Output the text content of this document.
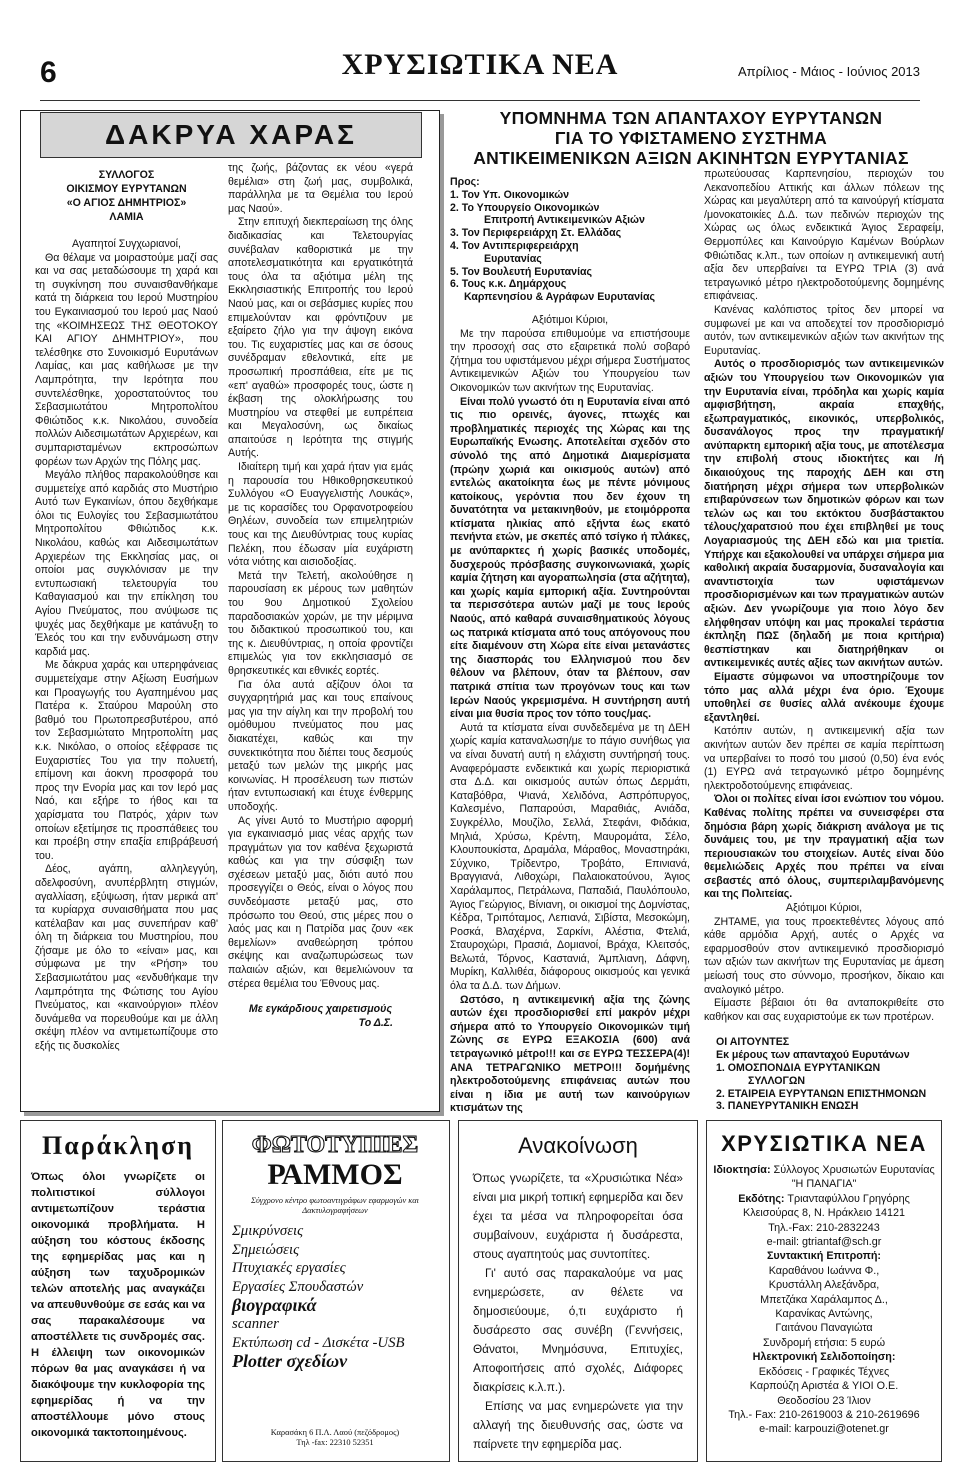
6	ΧΡΥΣΙΩΤΙΚΑ ΝΕΑ	Απρίλιος - Μάιος - Ιούνιος 2013
ΔΑΚΡΥΑ ΧΑΡΑΣ

ΣΥΛΛΟΓΟΣ

ΟΙΚΙΣΜΟΥ ΕΥΡΥΤΑΝΩΝ

«Ο ΑΓΙΟΣ ΔΗΜΗΤΡΙΟΣ»

ΛΑΜΙΑ

Αγαπητοί Συγχωριανοί,

Θα θέλαμε να μοιραστούμε μαζί σας και να σας μεταδώσουμε τη χαρά και τη συγκίνηση που συναισθανθήκαμε κατά τη διάρκεια του Ιερού Μυστηρίου του Εγκαινιασμού του Ιερού μας Ναού της «ΚΟΙΜΗΣΕΩΣ ΤΗΣ ΘΕΟΤΟΚΟΥ ΚΑΙ ΑΓΙΟΥ ΔΗΜΗΤΡΙΟΥ», που τελέσθηκε στο Συνοικισμό Ευρυτάνων Λαμίας, και μας καθήλωσε με την Λαμπρότητα, την Ιερότητα που συντελέσθηκε, χοροστατούντος του Σεβασμιωτάτου Μητροπολίτου Φθιώτιδος κ.κ. Νικολάου, συνοδεία πολλών Αιδεσιμωτάτων Αρχιερέων, και συμπαρισταμένων εκπροσώπων φορέων των Αρχών της Πόλης μας.

Μεγάλο πλήθος παρακολούθησε και συμμετείχε από καρδιάς στο Μυστήριο Αυτό των Εγκαινίων, όπου δεχθήκαμε όλοι τις Ευλογίες του Σεβασμιωτάτου Μητροπολίτου Φθιώτιδος κ.κ. Νικολάου, καθώς και Αιδεσιμωτάτων Αρχιερέων της Εκκλησίας μας, οι οποίοι μας συγκλόνισαν με την εντυπωσιακή τελετουργία του Καθαγιασμού και την επίκληση του Αγίου Πνεύματος, που ανύψωσε τις ψυχές μας δεχθήκαμε με κατάνυξη το Έλεός του και την ενδυνάμωση στην καρδιά μας.

Με δάκρυα χαράς και υπερηφάνειας συμμετείχαμε στην Αξίωση Ευσήμων και Προαγωγής του Αγαπημένου μας Πατέρα κ. Σταύρου Μαρούλη στο βαθμό του Πρωτοπρεσβυτέρου, από τον Σεβασμιώτατο Μητροπολίτη μας κ.κ. Νικόλαο, ο οποίος εξέφρασε τις Ευχαριστίες Του για την πολυετή, επίμονη και άοκνη προσφορά του προς την Ενορία μας και τον Ιερό μας Ναό, και εξήρε το ήθος και τα χαρίσματα του Πατρός, χάριν των οποίων εξετίμησε τις προσπάθειες του και προέβη στην επαξία επιβράβευσή του.

Δέος, αγάπη, αλληλεγγύη, αδελφοσύνη, ανυπέρβλητη στιγμών, αγαλλίαση, εξύψωση, ήταν μερικά απ' τα κυρίαρχα συναισθήματα που μας κατέλαβαν και μας συνεπήραν καθ' όλη τη διάρκεια του Μυστηρίου, που ζήσαμε με όλο το «είναι» μας, και σύμφωνα με την «Ρήση» του Σεβασμιωτάτου μας «ενδυθήκαμε την Λαμπρότητα της Φώτισης του Αγίου Πνεύματος, και «καινούργιοι» πλέον δυνάμεθα να πορευθούμε και με άλλη σκέψη πλέον να αντιμετωπίζουμε στο εξής τις δυσκολίες

της ζωής, βάζοντας εκ νέου «γερά θεμέλια» στη ζωή μας, συμβολικά, παράλληλα με τα Θεμέλια του Ιερού μας Ναού».

Στην επιτυχή διεκπεραίωση της όλης διαδικασίας και Τελετουργίας συνέβαλαν καθοριστικά με την αποτελεσματικότητα και εργατικότητά τους όλα τα αξιότιμα μέλη της Εκκλησιαστικής Επιτροπής του Ιερού Ναού μας, και οι σεβάσμιες κυρίες που επιμελούνταν και φρόντιζουν με εξαίρετο ζήλο για την άψογη εικόνα του. Τις ευχαριστίες μας και σε όσους συνέδραμαν εθελοντικά, είτε με προσωπική προσπάθεια, είτε με τις «επ' αγαθώ» προσφορές τους, ώστε η έκβαση της ολοκλήρωσης του Μυστηρίου να στεφθεί με ευπρέπεια και Μεγαλοσύνη, ως δικαίως απαιτούσε η Ιερότητα της στιγμής Αυτής.

Ιδιαίτερη τιμή και χαρά ήταν για εμάς η παρουσία του Ηθικοθρησκευτικού Συλλόγου «Ο Ευαγγελιστής Λουκάς», με τις κορασίδες του Ορφανοτροφείου Θηλέων, συνοδεία των επιμελητριών τους και της Διευθύντριας τους κυρίας Πελέκη, που έδωσαν μία ευχάριστη νότα νιότης και αισιοδοξίας.

Μετά την Τελετή, ακολούθησε η παρουσίαση εκ μέρους των μαθητών του 9ου Δημοτικού Σχολείου παραδοσιακών χορών, με την μέριμνα του διδακτικού προσωπικού του, και της κ. Διευθύντριας, η οποία φροντίζει επιμελώς για τον εκκλησιασμό σε θρησκευτικές και εθνικές εορτές.

Για όλα αυτά αξίζουν όλοι τα συγχαρητήριά μας και τους επαίνους μας για την αίγλη και την προβολή του ομόθυμου πνεύματος που μας διακατέχει, καθώς και την συνεκτικότητα που διέπει τους δεσμούς μεταξύ των μελών της μικρής μας κοινωνίας. Η προσέλευση των πιστών ήταν εντυπωσιακή και έτυχε ένθερμης υποδοχής.

Ας γίνει Αυτό το Μυστήριο αφορμή για εγκαινιασμό μιας νέας αρχής των πραγμάτων για τον καθένα ξεχωριστά καθώς και για την σύσφιξη των σχέσεων μεταξύ μας, διότι αυτό που προσεγγίζει ο Θεός, είναι ο λόγος που συνδεόμαστε μεταξύ μας, στο πρόσωπο του Θεού, στις μέρες που ο λαός μας και η Πατρίδα μας ζουν «εκ θεμελίων» αναθεώρηση τρόπου σκέψης και αναζωπυρώσεως των παλαιών αξιών, και θεμελιώνουν τα στέρεα θεμέλια του Έθνους μας.

Με εγκάρδιους χαιρετισμούς

Το Δ.Σ.

ΥΠΟΜΝΗΜΑ ΤΩΝ ΑΠΑΝΤΑΧΟΥ ΕΥΡΥΤΑΝΩΝ
ΓΙΑ ΤΟ ΥΦΙΣΤΑΜΕΝΟ ΣΥΣΤΗΜΑ
ΑΝΤΙΚΕΙΜΕΝΙΚΩΝ ΑΞΙΩΝ ΑΚΙΝΗΤΩΝ ΕΥΡΥΤΑΝΙΑΣ
Προς:
1. Τον Υπ. Οικονομικών
2. Το Υπουργείο Οικονομικών
Επιτροπή Αντικειμενικών Αξιών
3. Τον Περιφερειάρχη Στ. Ελλάδας
4. Τον Αντιπεριφερειάρχη
Ευρυτανίας
5. Τον Βουλευτή Ευρυτανίας
6. Τους κ.κ. Δημάρχους
Καρπενησίου & Αγράφων Ευρυτανίας

Αξιότιμοι Κύριοι,

Με την παρούσα επιθυμούμε να επιστήσουμε την προσοχή σας στο εξαιρετικά πολύ σοβαρό ζήτημα του υφιστάμενου μέχρι σήμερα Συστήματος Αντικειμενικών Αξιών του Υπουργείου των Οικονομικών των ακινήτων της Ευρυτανίας.

Είναι πολύ γνωστό ότι η Ευρυτανία είναι από τις πιο ορεινές, άγονες, πτωχές και προβληματικές περιοχές της Χώρας και της Ευρωπαϊκής Ενωσης. Αποτελείται σχεδόν στο σύνολό της από Δημοτικά Διαμερίσματα (πρώην χωριά και οικισμούς αυτών) από εντελώς ακατοίκητα έως με πέντε μόνιμους κατοίκους, γερόντια που δεν έχουν τη δυνατότητα να μετακινηθούν, με ετοιμόρροπα κτίσματα ηλικίας από εξήντα έως εκατό πενήντα ετών, με σκεπές από τσίγκο ή πλάκες, με ανύπαρκτες ή χωρίς βασικές υποδομές, δυσχερούς πρόσβασης συγκοινωνιακά, χωρίς καμία ζήτηση και αγοραπωλησία (στα αζήτητα), και χωρίς καμία εμπορική αξία. Συντηρούνται τα περισσότερα αυτών μαζί με τους Ιερούς Ναούς, από καθαρά συναισθηματικούς λόγους ως πατρικά κτίσματα από τους απόγονους που είτε διαμένουν στη Χώρα είτε είναι μετανάστες της διασποράς του Ελληνισμού που δεν θέλουν να βλέπουν, όταν τα βλέπουν, σαν πατρικά σπίτια των προγόνων τους και των Ιερών Ναούς γκρεμισμένα. Η συντήρηση αυτή είναι μια θυσία προς τον τόπο τους/μας.

Αυτά τα κτίσματα είναι συνδεδεμένα με τη ΔΕΗ χωρίς καμία καταναλωση/με το πάγιο συνήθως για να είναι δυνατή αυτή η ελάχιστη συντήρησή τους. Αναφερόμαστε ενδεικτικά και χωρίς περιοριστικά στα Δ.Δ. και οικισμούς αυτών όπως Δερμάτι, Καταβόθρα, Ψιανά, Χελιδόνα, Ασπρόπυργος, Καλεσμένο, Παπαρούσι, Μαραθιάς, Ανιάδα, Συγκρέλλο, Μουζίλο, Σελλά, Στεφάνι, Φιδάκια, Μηλιά, Χρύσω, Κρέντη, Μαυρομάτα, Σέλο, Κλουπουκίστα, Δραμάλα, Μάραθος, Μοναστηράκι, Σύχνικο, Τρίδεντρο, Τροβάτο, Επινιανά, Βραγγιανά, Λιθοχώρι, Παλαιοκατούνου, Άγιος Χαράλαμπος, Πετράλωνα, Παπαδιά, Παυλόπουλο, Άγιος Γεώργιος, Βίνιανη, οι οικισμοί της Δομνίστας, Κέδρα, Τριπόταμος, Λεπιανά, Σιβίστα, Μεσοκώμη, Ροσκά, Βλαχέρνα, Σαρκίνι, Αλέστια, Φτελιά, Σταυροχώρι, Πρασιά, Δομιανοί, Βράχα, Κλειτσός, Βελωτά, Τόρνος, Καστανιά, Άμπλιανη, Δάφνη, Μυρίκη, Καλλιθέα, διάφορους οικισμούς και γενικά όλα τα Δ.Δ. των Δήμων.

Ωστόσο, η αντικειμενική αξία της ζώνης αυτών έχει προσδιορισθεί επί μακρόν μέχρι σήμερα από το Υπουργείο Οικονομικών τιμή Ζώνης σε ΕΥΡΩ ΕΞΑΚΟΣΙΑ (600) ανά τετραγωνικό μέτρο!!! και σε ΕΥΡΩ ΤΕΣΣΕΡΑ(4)! ΑΝΑ ΤΕΤΡΑΓΩΝΙΚΟ ΜΕΤΡΟ!!! δομήμένης ηλεκτροδοτούμενης επιφάνειας αυτών που είναι η ίδια με αυτή των καινούργιων κτισμάτων της

πρωτεύουσας Καρπενησίου, περιοχών του Λεκανοπεδίου Αττικής και άλλων πόλεων της Χώρας και μεγαλύτερη από τα καινούργή κτίσματα /μονοκατοικίες Δ.Δ. των πεδινών περιοχών της Χώρας ως όλως ενδεικτικά Άγιος Σεραφείμ, Θερμοπύλες και Καινούργιο Καμένων Βούρλων Φθιώτιδας κ.λπ., των οποίων η αντικειμενική αυτή αξία δεν υπερβαίνει τα ΕΥΡΩ ΤΡΙΑ (3) ανά τετραγωνικό μέτρο ηλεκτροδοτούμενης δομημένης επιφάνειας.

Κανένας καλόπιστος τρίτος δεν μπορεί να συμφωνεί με και να αποδεχτεί τον προσδιορισμό αυτόν, των αντικειμενικών αξιών των ακινήτων της Ευρυτανίας.

Αυτός ο προσδιορισμός των αντικειμενικών αξιών του Υπουργείου των Οικονομικών για την Ευρυτανία είναι, πρόδηλα και χωρίς καμία αμφισβήτηση, ακραία επαχθής, εξωπραγματικός, εικονικός, υπερβολικός, δυσανάλογος προς την πραγματική/ανύπαρκτη εμπορική αξία τους, με αποτέλεσμα την επιβολή στους ιδιοκτήτες και /ή δικαιούχους της παροχής ΔΕΗ και στη διατήρηση μέχρι σήμερα των υπερβολικών επιβαρύνσεων των δημοτικών φόρων και των τελών ως και του εκτόκτου δυσβάστακτου τέλους/χαρατσιού που έχει επιβληθεί με τους Λογαριασμούς της ΔΕΗ εδώ και μια τριετία. Υπήρχε και εξακολουθεί να υπάρχει σήμερα μια καθολική ακραία δυσαρμονία, δυσαναλογία και αναντιστοιχία των υφιστάμενων προσδιορισμένων και των πραγματικών αυτών αξιών. Δεν γνωρίζουμε για ποιο λόγο δεν ελήφθησαν υπόψη και μας προκαλεί τεράστια έκπληξη ΠΩΣ (δηλαδή με ποια κριτήρια) θεσπίστηκαν και διατηρήθηκαν οι αντικειμενικές αυτές αξίες των ακινήτων αυτών.

Είμαστε σύμφωνοι να υποστηρίζουμε τον τόπο μας αλλά μέχρι ένα όριο. Έχουμε υποθηλεί σε θυσίες αλλά ανέκουμε έχουμε εξαντληθεί.

Κατόπιν αυτών, η αντικειμενική αξία των ακινήτων αυτών δεν πρέπει σε καμία περίπτωση να υπερβαίνει το ποσό του μισού (0,50) ένα ενός (1) ΕΥΡΩ ανά τετραγωνικό μέτρο δομημένης ηλεκτροδοτούμενης επιφάνειας.

Όλοι οι πολίτες είναι ίσοι ενώπιον του νόμου. Καθένας πολίτης πρέπει να συνεισφέρει στα δημόσια βάρη χωρίς διάκριση ανάλογα με τις δυνάμεις του, με την πραγματική αξία των περιουσιακών του στοιχείων. Αυτές είναι δύο θεμελιώδεις Αρχές που πρέπει να είναι σεβαστές από όλους, συμπεριλαμβανόμενης και της Πολιτείας.

Αξιότιμοι Κύριοι,

ΖΗΤΑΜΕ, για τους προεκτεθέντες λόγους από κάθε αρμόδια Αρχή, αυτές ο Αρχές να εφαρμοσθούν στον αντικειμενικό προσδιορισμό των αξιών των ακινήτων της Ευρυτανίας με άμεση μείωσή τους στο σύννομο, προσήκον, δίκαιο και αναλογικό μέτρο.

Είμαστε βέβαιοι ότι θα ανταποκριθείτε στο καθήκον και σας ευχαριστούμε εκ των προτέρων.

ΟΙ ΑΙΤΟΥΝΤΕΣ
Εκ μέρους των απανταχού Ευρυτάνων
1. ΟΜΟΣΠΟΝΔΙΑ ΕΥΡΥΤΑΝΙΚΩΝ
ΣΥΛΛΟΓΩΝ
2. ΕΤΑΙΡΕΙΑ ΕΥΡΥΤΑΝΩΝ ΕΠΙΣΤΗΜΟΝΩΝ
3. ΠΑΝΕΥΡΥΤΑΝΙΚΗ ΕΝΩΣΗ
Παράκληση

Όπως όλοι γνωρίζετε οι πολιτιστικοί σύλλογοι αντιμετωπίζουν τεράστια οικονομικά προβλήματα. Η αύξηση του κόστους έκδοσης της εφημερίδας μας και η αύξηση των ταχυδρομικών τελών αποτελής μας αναγκάζει να απευθυνθούμε σε εσάς και να σας παρακαλέσουμε να αποστέλλετε τις συνδρομές σας. Η έλλειψη των οικονομικών πόρων θα μας αναγκάσει ή να διακόψουμε την κυκλοφορία της εφημερίδας ή να την αποστέλλουμε μόνο στους οικονομικά τακτοποιημένους.

ΦΩΤΟΤΥΠΙΕΣ
ΡΑΜΜΟΣ
Σύγχρονο κέντρο φωτοαντιγράφων εφαρμογών και Δακτυλογραφήσεων
Σμικρύνσεις
Σημειώσεις
Πτυχιακές εργασίες
Εργασίες Σπουδαστών
βιογραφικά
scanner
Εκτύπωση cd - Δισκέτα -USB
Plotter σχεδίων
Καρασάκη 6 Π.Λ. Λαού (πεζόδρομος)
Τηλ -fax: 22310 52351
Ανακοίνωση

Όπως γνωρίζετε, τα «Χρυσιώτικα Νέα» είναι μια μικρή τοπική εφημερίδα και δεν έχει τα μέσα να πληροφορείται όσα συμβαίνουν, ευχάριστα ή δυσάρεστα, στους αγαπητούς μας συντοπίτες.

Γι' αυτό σας παρακαλούμε να μας ενημερώσετε, αν θέλετε να δημοσιεύουμε, ό,τι ευχάριστο ή δυσάρεστο σας συνέβη (Γεννήσεις, Θάνατοι, Μνημόσυνα, Επιτυχίες, Αποφοιτήσεις από σχολές, Διάφορες διακρίσεις κ.λ.π.).

Επίσης να μας ενημερώνετε για την αλλαγή της διευθυνσής σας, ώστε να παίρνετε την εφημερίδα μας.

ΧΡΥΣΙΩΤΙΚΑ ΝΕΑ

Ιδιοκτησία: Σύλλογος Χρυσιωτών Ευρυτανίας "Η ΠΑΝΑΓΙΑ"

Εκδότης: Τριανταφύλλου Γρηγόρης

Κλεισούρας 8, Ν. Ηράκλειο 14121

Τηλ.-Fax: 210-2832243

e-mail: gtriantaf@sch.gr

Συντακτική Επιτροπή:

Καραθάνου Ιωάννα Φ.,

Κρυστάλλη Αλεξάνδρα,

Μπετζάκα Χαράλαμπος Δ.,

Καρανίκας Αντώνης,

Γαιτάνου Παναγιώτα

Συνδρομή ετήσια: 5 ευρώ

Ηλεκτρονική Σελιδοποίηση:

Εκδόσεις - Γραφικές Τέχνες

Καρπούζη Αριστέα & ΥΙΟΙ Ο.Ε.

Θεοδοσίου 23 Ίλιον

Τηλ.- Fax: 210-2619003 & 210-2619696

e-mail: karpouzi@otenet.gr
